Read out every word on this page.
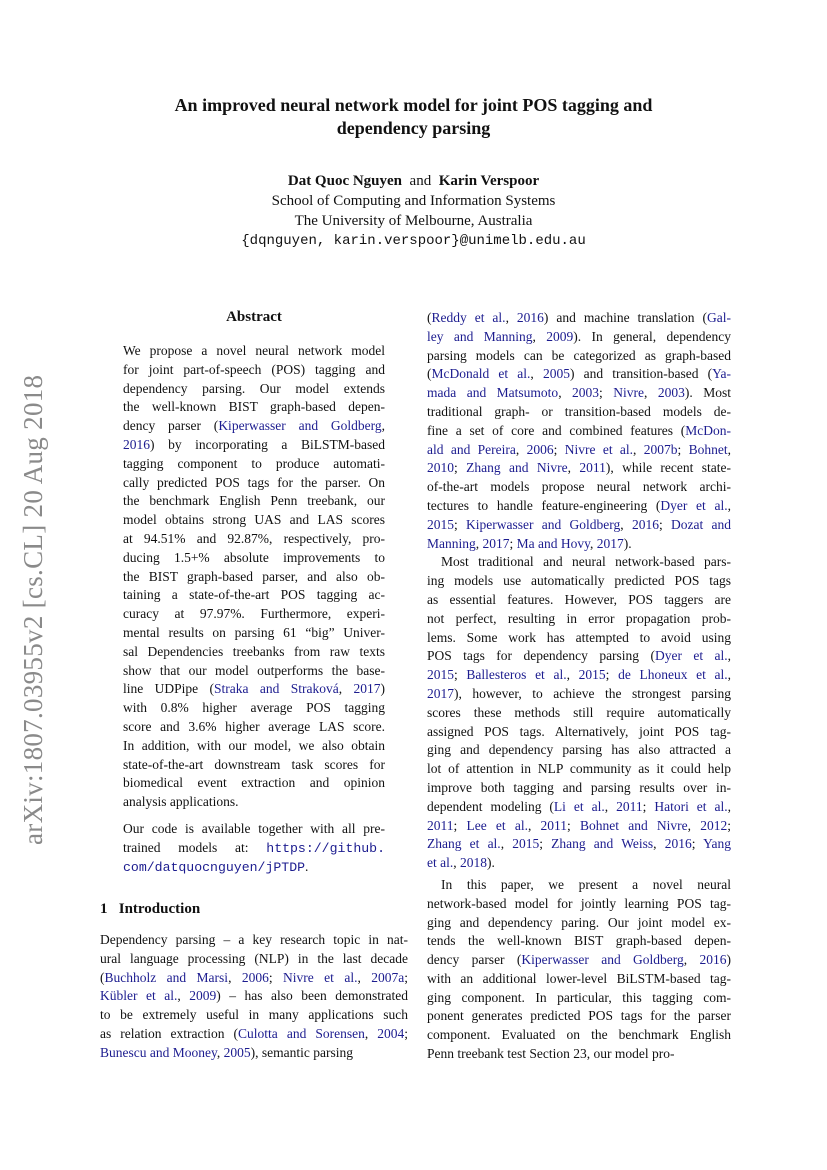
arXiv:1807.03955v2 [cs.CL] 20 Aug 2018
An improved neural network model for joint POS tagging and
dependency parsing
Dat Quoc Nguyen and Karin Verspoor
School of Computing and Information Systems
The University of Melbourne, Australia
{dqnguyen, karin.verspoor}@unimelb.edu.au
Abstract
We propose a novel neural network model
for joint part-of-speech (POS) tagging and
dependency parsing. Our model extends
the well-known BIST graph-based depen-
dency parser (Kiperwasser and Goldberg,
2016) by incorporating a BiLSTM-based
tagging component to produce automati-
cally predicted POS tags for the parser. On
the benchmark English Penn treebank, our
model obtains strong UAS and LAS scores
at 94.51% and 92.87%, respectively, pro-
ducing 1.5+% absolute improvements to
the BIST graph-based parser, and also ob-
taining a state-of-the-art POS tagging ac-
curacy at 97.97%. Furthermore, experi-
mental results on parsing 61 “big” Univer-
sal Dependencies treebanks from raw texts
show that our model outperforms the base-
line UDPipe (Straka and Straková, 2017)
with 0.8% higher average POS tagging
score and 3.6% higher average LAS score.
In addition, with our model, we also obtain
state-of-the-art downstream task scores for
biomedical event extraction and opinion
analysis applications.
Our code is available together with all pre-
trained models at: https://github.
com/datquocnguyen/jPTDP.
1 Introduction
Dependency parsing – a key research topic in nat-
ural language processing (NLP) in the last decade
(Buchholz and Marsi, 2006; Nivre et al., 2007a;
Kübler et al., 2009) – has also been demonstrated
to be extremely useful in many applications such
as relation extraction (Culotta and Sorensen, 2004;
Bunescu and Mooney, 2005), semantic parsing
(Reddy et al., 2016) and machine translation (Gal-
ley and Manning, 2009). In general, dependency
parsing models can be categorized as graph-based
(McDonald et al., 2005) and transition-based (Ya-
mada and Matsumoto, 2003; Nivre, 2003). Most
traditional graph- or transition-based models de-
fine a set of core and combined features (McDon-
ald and Pereira, 2006; Nivre et al., 2007b; Bohnet,
2010; Zhang and Nivre, 2011), while recent state-
of-the-art models propose neural network archi-
tectures to handle feature-engineering (Dyer et al.,
2015; Kiperwasser and Goldberg, 2016; Dozat and
Manning, 2017; Ma and Hovy, 2017).
Most traditional and neural network-based pars-
ing models use automatically predicted POS tags
as essential features. However, POS taggers are
not perfect, resulting in error propagation prob-
lems. Some work has attempted to avoid using
POS tags for dependency parsing (Dyer et al.,
2015; Ballesteros et al., 2015; de Lhoneux et al.,
2017), however, to achieve the strongest parsing
scores these methods still require automatically
assigned POS tags. Alternatively, joint POS tag-
ging and dependency parsing has also attracted a
lot of attention in NLP community as it could help
improve both tagging and parsing results over in-
dependent modeling (Li et al., 2011; Hatori et al.,
2011; Lee et al., 2011; Bohnet and Nivre, 2012;
Zhang et al., 2015; Zhang and Weiss, 2016; Yang
et al., 2018).
In this paper, we present a novel neural
network-based model for jointly learning POS tag-
ging and dependency paring. Our joint model ex-
tends the well-known BIST graph-based depen-
dency parser (Kiperwasser and Goldberg, 2016)
with an additional lower-level BiLSTM-based tag-
ging component. In particular, this tagging com-
ponent generates predicted POS tags for the parser
component. Evaluated on the benchmark English
Penn treebank test Section 23, our model pro-
